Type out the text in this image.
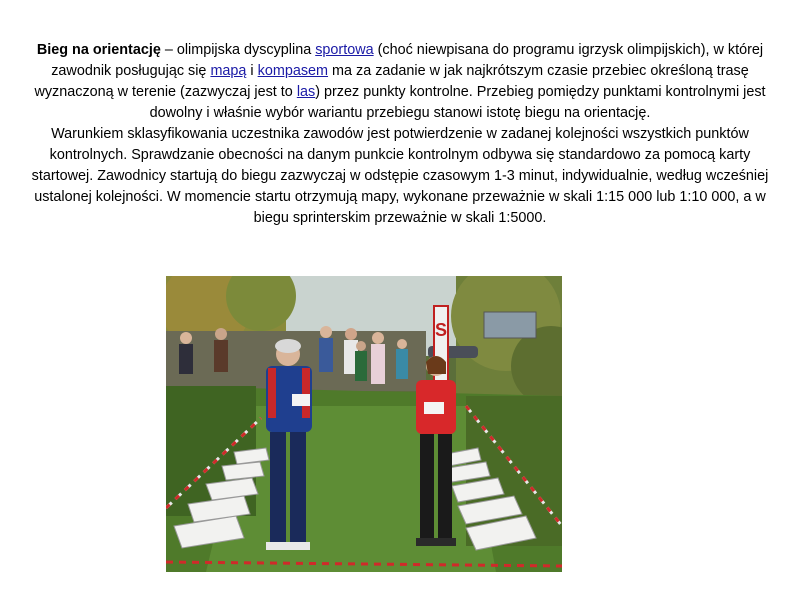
Bieg na orientację – olimpijska dyscyplina sportowa (choć niewpisana do programu igrzysk olimpijskich), w której zawodnik posługując się mapą i kompasem ma za zadanie w jak najkrótszym czasie przebiec określoną trasę wyznaczoną w terenie (zazwyczaj jest to las) przez punkty kontrolne. Przebieg pomiędzy punktami kontrolnymi jest dowolny i właśnie wybór wariantu przebiegu stanowi istotę biegu na orientację.

Warunkiem sklasyfikowania uczestnika zawodów jest potwierdzenie w zadanej kolejności wszystkich punktów kontrolnych. Sprawdzanie obecności na danym punkcie kontrolnym odbywa się standardowo za pomocą karty startowej. Zawodnicy startują do biegu zazwyczaj w odstępie czasowym 1-3 minut, indywidualnie, według wcześniej ustalonej kolejności. W momencie startu otrzymują mapy, wykonane przeważnie w skali 1:15 000 lub 1:10 000, a w biegu sprinterskim przeważnie w skali 1:5000.

S
